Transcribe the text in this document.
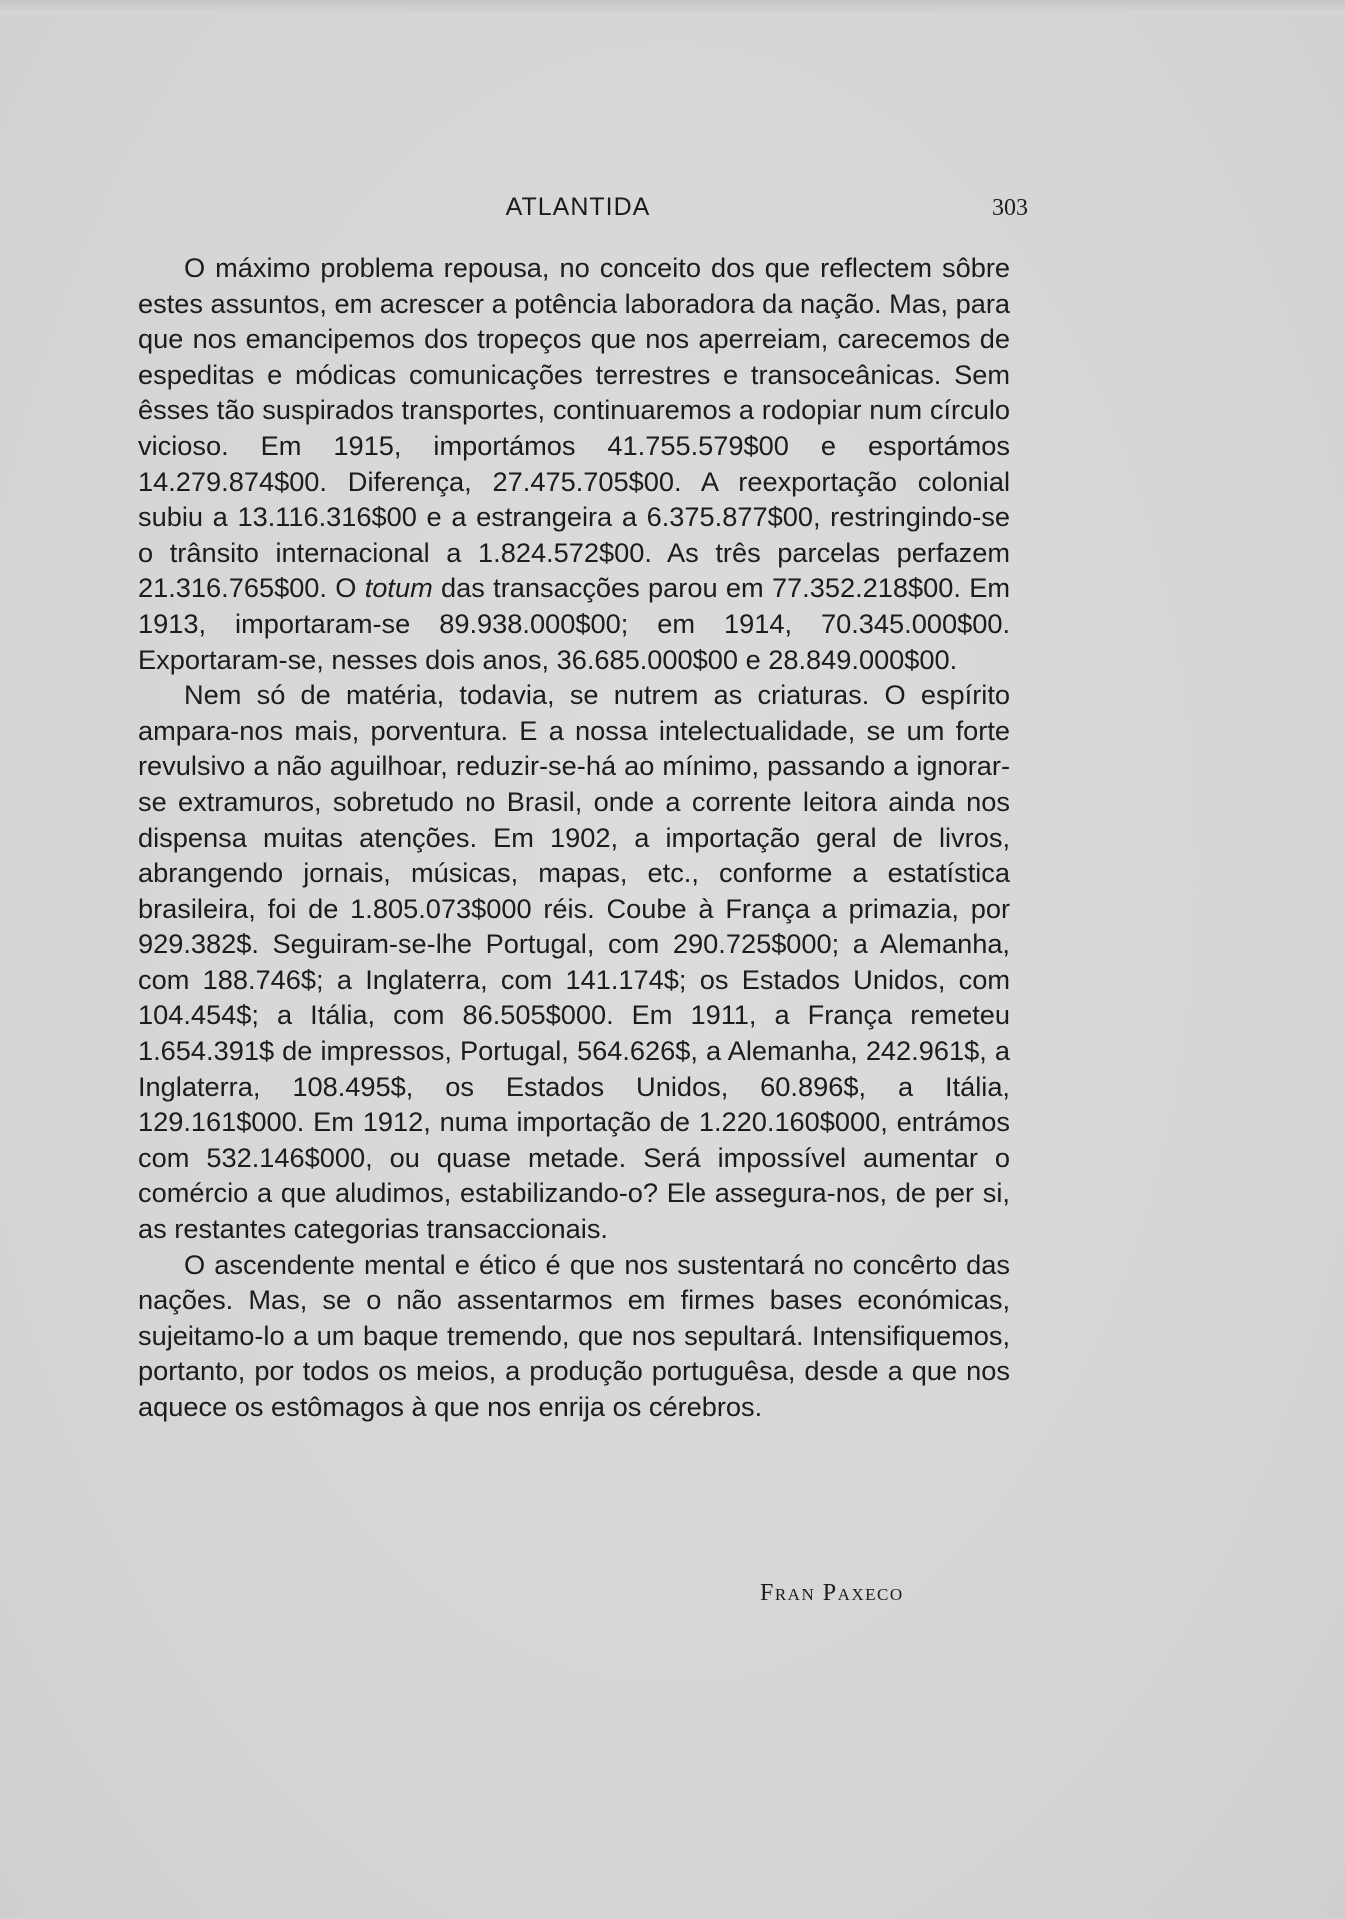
ATLANTIDA	303

O máximo problema repousa, no conceito dos que reflectem sôbre estes assuntos, em acrescer a potência laboradora da nação. Mas, para que nos emancipemos dos tropeços que nos aperreiam, carecemos de espeditas e módicas comunicações terrestres e transoceânicas. Sem êsses tão suspirados transportes, continuaremos a rodopiar num círculo vicioso. Em 1915, importámos 41.755.579$00 e esportámos 14.279.874$00. Diferença, 27.475.705$00. A reexportação colonial subiu a 13.116.316$00 e a estrangeira a 6.375.877$00, restringindo-se o trânsito internacional a 1.824.572$00. As três parcelas perfazem 21.316.765$00. O totum das transacções parou em 77.352.218$00. Em 1913, importaram-se 89.938.000$00; em 1914, 70.345.000$00. Exportaram-se, nesses dois anos, 36.685.000$00 e 28.849.000$00.

Nem só de matéria, todavia, se nutrem as criaturas. O espírito ampara-nos mais, porventura. E a nossa intelectualidade, se um forte revulsivo a não aguilhoar, reduzir-se-há ao mínimo, passando a ignorar-se extramuros, sobretudo no Brasil, onde a corrente leitora ainda nos dispensa muitas atenções. Em 1902, a importação geral de livros, abrangendo jornais, músicas, mapas, etc., conforme a estatística brasileira, foi de 1.805.073$000 réis. Coube à França a primazia, por 929.382$. Seguiram-se-lhe Portugal, com 290.725$000; a Alemanha, com 188.746$; a Inglaterra, com 141.174$; os Estados Unidos, com 104.454$; a Itália, com 86.505$000. Em 1911, a França remeteu 1.654.391$ de impressos, Portugal, 564.626$, a Alemanha, 242.961$, a Inglaterra, 108.495$, os Estados Unidos, 60.896$, a Itália, 129.161$000. Em 1912, numa importação de 1.220.160$000, entrámos com 532.146$000, ou quase metade. Será impossível aumentar o comércio a que aludimos, estabilizando-o? Ele assegura-nos, de per si, as restantes categorias transaccionais.

O ascendente mental e ético é que nos sustentará no concêrto das nações. Mas, se o não assentarmos em firmes bases económicas, sujeitamo-lo a um baque tremendo, que nos sepultará. Intensifiquemos, portanto, por todos os meios, a produção portuguêsa, desde a que nos aquece os estômagos à que nos enrija os cérebros.

Fran Paxeco
